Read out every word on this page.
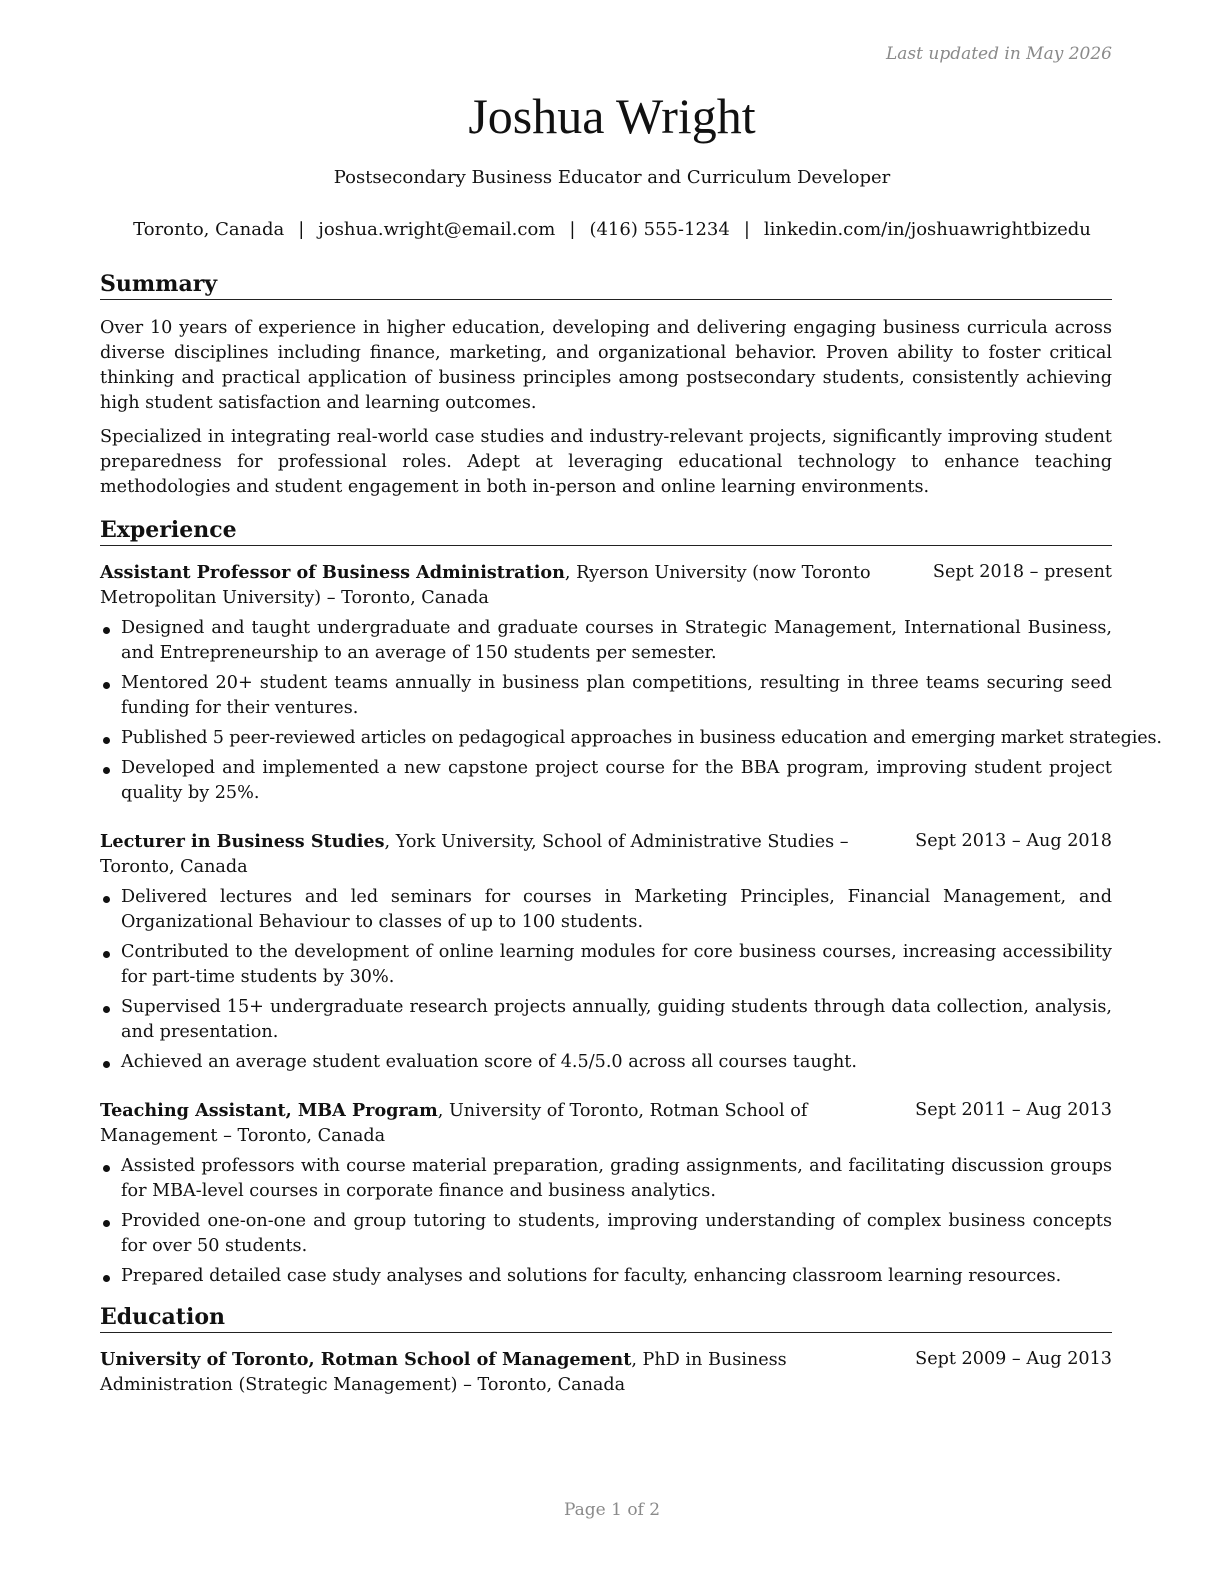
Last updated in May 2026
Joshua Wright
Postsecondary Business Educator and Curriculum Developer
Toronto, Canada | joshua.wright@email.com | (416) 555-1234 | linkedin.com/in/joshuawrightbizedu
Summary

Over 10 years of experience in higher education, developing and delivering engaging business curricula across diverse disciplines including finance, marketing, and organizational behavior. Proven ability to foster critical thinking and practical application of business principles among postsecondary students, consistently achieving high student satisfaction and learning outcomes.

Specialized in integrating real-world case studies and industry-relevant projects, significantly improving student preparedness for professional roles. Adept at leveraging educational technology to enhance teaching methodologies and student engagement in both in-person and online learning environments.

Experience
Assistant Professor of Business Administration, Ryerson University (now Toronto Metropolitan University) – Toronto, Canada
Sept 2018 – present
Designed and taught undergraduate and graduate courses in Strategic Management, International Business, and Entrepreneurship to an average of 150 students per semester.
Mentored 20+ student teams annually in business plan competitions, resulting in three teams securing seed funding for their ventures.
Published 5 peer-reviewed articles on pedagogical approaches in business education and emerging market strategies.
Developed and implemented a new capstone project course for the BBA program, improving student project quality by 25%.
Lecturer in Business Studies, York University, School of Administrative Studies – Toronto, Canada
Sept 2013 – Aug 2018
Delivered lectures and led seminars for courses in Marketing Principles, Financial Management, and Organizational Behaviour to classes of up to 100 students.
Contributed to the development of online learning modules for core business courses, increasing accessibility for part-time students by 30%.
Supervised 15+ undergraduate research projects annually, guiding students through data collection, analysis, and presentation.
Achieved an average student evaluation score of 4.5/5.0 across all courses taught.
Teaching Assistant, MBA Program, University of Toronto, Rotman School of Management – Toronto, Canada
Sept 2011 – Aug 2013
Assisted professors with course material preparation, grading assignments, and facilitating discussion groups for MBA-level courses in corporate finance and business analytics.
Provided one-on-one and group tutoring to students, improving understanding of complex business concepts for over 50 students.
Prepared detailed case study analyses and solutions for faculty, enhancing classroom learning resources.
Education
University of Toronto, Rotman School of Management, PhD in Business Administration (Strategic Management) – Toronto, Canada
Sept 2009 – Aug 2013
Page 1 of 2
